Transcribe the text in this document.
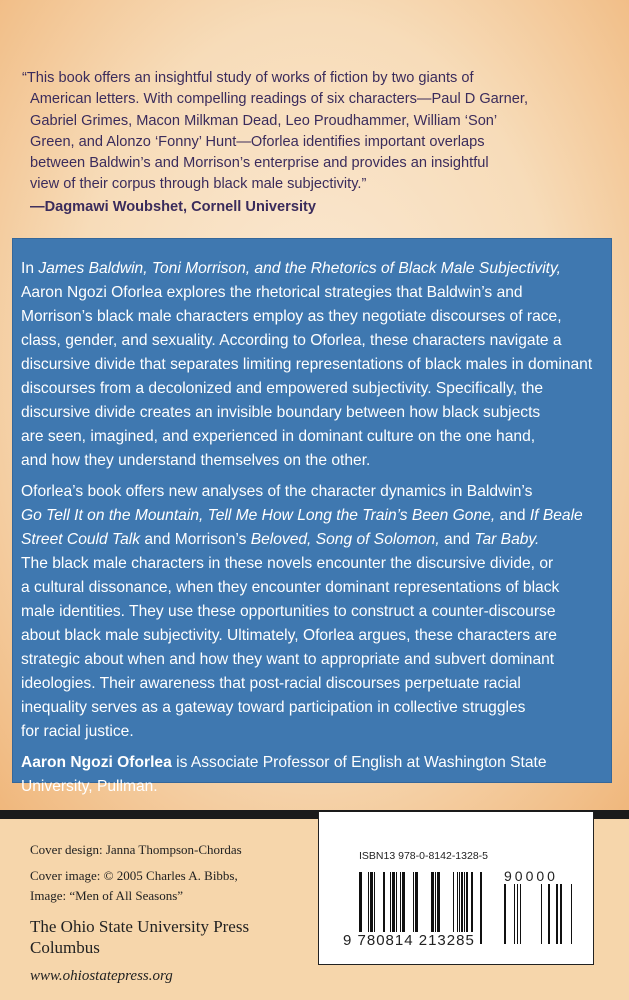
“This book offers an insightful study of works of fiction by two giants of
American letters. With compelling readings of six characters—Paul D Garner,
Gabriel Grimes, Macon Milkman Dead, Leo Proudhammer, William ‘Son’
Green, and Alonzo ‘Fonny’ Hunt—Oforlea identifies important overlaps
between Baldwin’s and Morrison’s enterprise and provides an insightful
view of their corpus through black male subjectivity.”
—Dagmawi Woubshet, Cornell University
In James Baldwin, Toni Morrison, and the Rhetorics of Black Male Subjectivity,
Aaron Ngozi Oforlea explores the rhetorical strategies that Baldwin’s and
Morrison’s black male characters employ as they negotiate discourses of race,
class, gender, and sexuality. According to Oforlea, these characters navigate a
discursive divide that separates limiting representations of black males in dominant
discourses from a decolonized and empowered subjectivity. Specifically, the
discursive divide creates an invisible boundary between how black subjects
are seen, imagined, and experienced in dominant culture on the one hand,
and how they understand themselves on the other.
Oforlea’s book offers new analyses of the character dynamics in Baldwin’s
Go Tell It on the Mountain, Tell Me How Long the Train’s Been Gone, and If Beale
Street Could Talk and Morrison’s Beloved, Song of Solomon, and Tar Baby.
The black male characters in these novels encounter the discursive divide, or
a cultural dissonance, when they encounter dominant representations of black
male identities. They use these opportunities to construct a counter-discourse
about black male subjectivity. Ultimately, Oforlea argues, these characters are
strategic about when and how they want to appropriate and subvert dominant
ideologies. Their awareness that post-racial discourses perpetuate racial
inequality serves as a gateway toward participation in collective struggles
for racial justice.
Aaron Ngozi Oforlea is Associate Professor of English at Washington State
University, Pullman.
Cover design: Janna Thompson-Chordas
Cover image: © 2005 Charles A. Bibbs,
Image: “Men of All Seasons”
The Ohio State University Press
Columbus
www.ohiostatepress.org
ISBN13 978-0-8142-1328-5
9 780814 213285
90000
